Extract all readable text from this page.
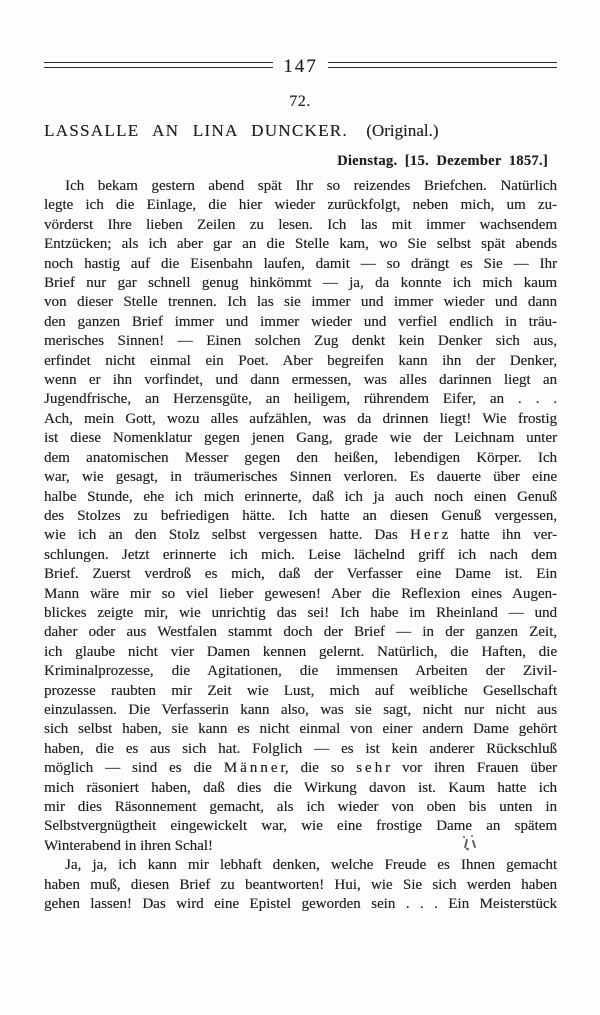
147
72.
LASSALLE AN LINA DUNCKER. (Original.)
Dienstag. [15. Dezember 1857.]
Ich bekam gestern abend spät Ihr so reizendes Briefchen. Natürlich
legte ich die Einlage, die hier wieder zurückfolgt, neben mich, um zu-
vörderst Ihre lieben Zeilen zu lesen. Ich las mit immer wachsendem
Entzücken; als ich aber gar an die Stelle kam, wo Sie selbst spät abends
noch hastig auf die Eisenbahn laufen, damit — so drängt es Sie — Ihr
Brief nur gar schnell genug hinkömmt — ja, da konnte ich mich kaum
von dieser Stelle trennen. Ich las sie immer und immer wieder und dann
den ganzen Brief immer und immer wieder und verfiel endlich in träu-
merisches Sinnen! — Einen solchen Zug denkt kein Denker sich aus,
erfindet nicht einmal ein Poet. Aber begreifen kann ihn der Denker,
wenn er ihn vorfindet, und dann ermessen, was alles darinnen liegt an
Jugendfrische, an Herzensgüte, an heiligem, rührendem Eifer, an . . .
Ach, mein Gott, wozu alles aufzählen, was da drinnen liegt! Wie frostig
ist diese Nomenklatur gegen jenen Gang, grade wie der Leichnam unter
dem anatomischen Messer gegen den heißen, lebendigen Körper. Ich
war, wie gesagt, in träumerisches Sinnen verloren. Es dauerte über eine
halbe Stunde, ehe ich mich erinnerte, daß ich ja auch noch einen Genuß
des Stolzes zu befriedigen hätte. Ich hatte an diesen Genuß vergessen,
wie ich an den Stolz selbst vergessen hatte. Das H e r z hatte ihn ver-
schlungen. Jetzt erinnerte ich mich. Leise lächelnd griff ich nach dem
Brief. Zuerst verdroß es mich, daß der Verfasser eine Dame ist. Ein
Mann wäre mir so viel lieber gewesen! Aber die Reflexion eines Augen-
blickes zeigte mir, wie unrichtig das sei! Ich habe im Rheinland — und
daher oder aus Westfalen stammt doch der Brief — in der ganzen Zeit,
ich glaube nicht vier Damen kennen gelernt. Natürlich, die Haften, die
Kriminalprozesse, die Agitationen, die immensen Arbeiten der Zivil-
prozesse raubten mir Zeit wie Lust, mich auf weibliche Gesellschaft
einzulassen. Die Verfasserin kann also, was sie sagt, nicht nur nicht aus
sich selbst haben, sie kann es nicht einmal von einer andern Dame gehört
haben, die es aus sich hat. Folglich — es ist kein anderer Rückschluß
möglich — sind es die M ä n n e r, die so s e h r vor ihren Frauen über
mich räsoniert haben, daß dies die Wirkung davon ist. Kaum hatte ich
mir dies Räsonnement gemacht, als ich wieder von oben bis unten in
Selbstvergnügtheit eingewickelt war, wie eine frostige Dame an spätem
Winterabend in ihren Schal!
Ja, ja, ich kann mir lebhaft denken, welche Freude es Ihnen gemacht
haben muß, diesen Brief zu beantworten! Hui, wie Sie sich werden haben
gehen lassen! Das wird eine Epistel geworden sein . . . Ein Meisterstück
